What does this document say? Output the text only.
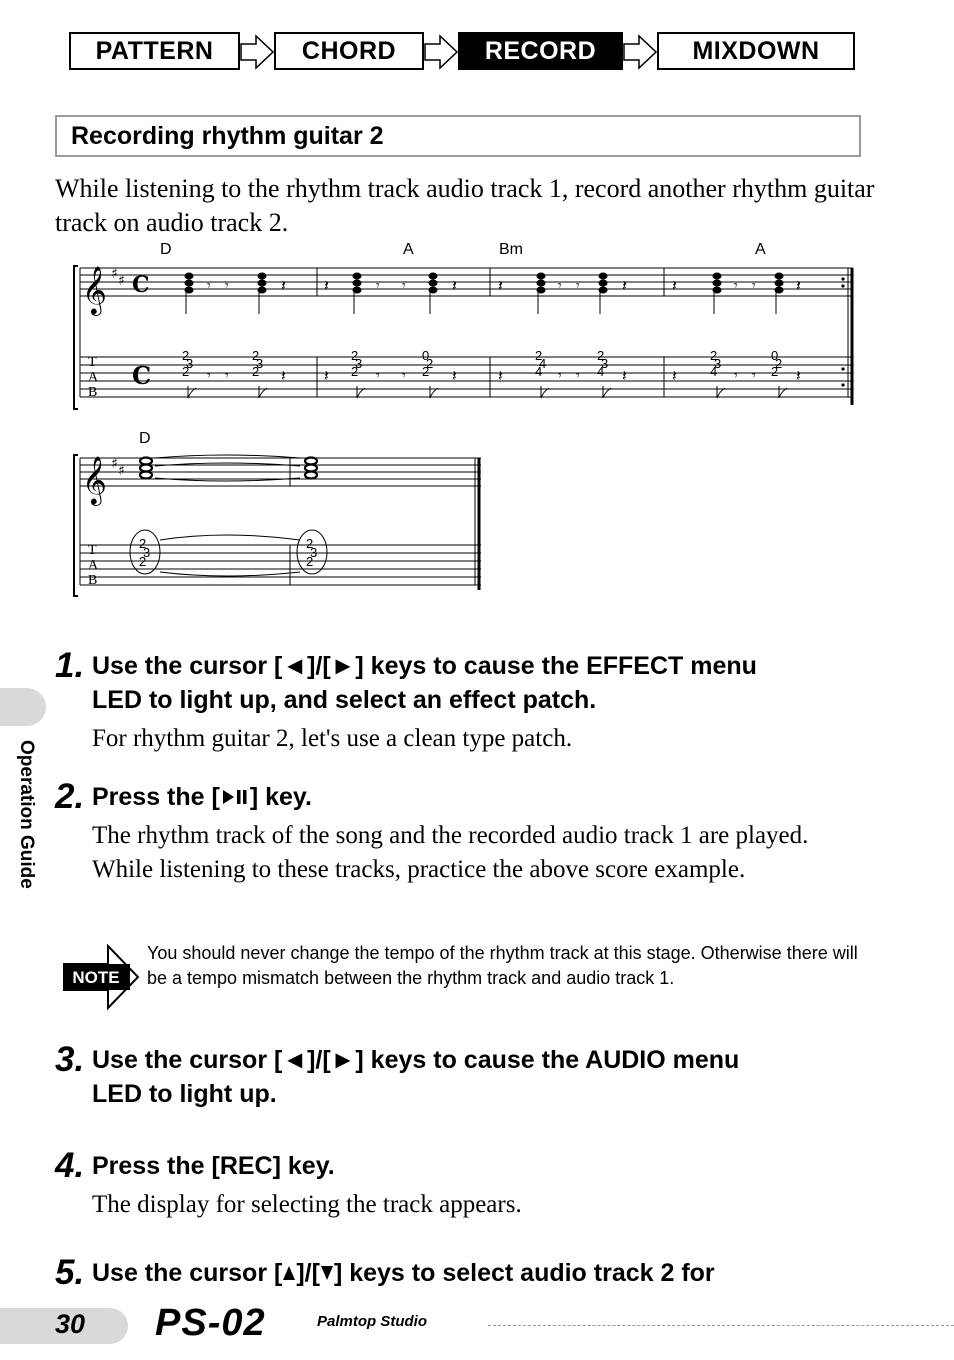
PATTERN	CHORD	RECORD	MIXDOWN
Recording rhythm guitar 2
While listening to the rhythm track audio track 1, record another rhythm guitar track on audio track 2.
D	A	Bm	A
𝄞 ♯ ♯ C
C
𝄾 𝄾	𝄽 𝄽	𝄾 𝄾	𝄽	𝄽	𝄾 𝄾	𝄽	𝄽	𝄾 𝄾	𝄽
𝄾 𝄾	𝄽 𝄽	𝄾 𝄾	𝄽	𝄽	𝄾 𝄾	𝄽	𝄽	𝄾 𝄾	𝄽
𝄞 ♯ ♯
T
A
B
T
A
B
2
3
2
2
3
2
2
3
2
0
2
2
2
4
4
2
3
4
2
3
4
0
2
2
D
2
3
2
2
3
2
1. Use the cursor [◄]/[►] keys to cause the EFFECT menu
LED to light up, and select an effect patch.
For rhythm guitar 2, let's use a clean type patch.
2. Press the [ ] key.
The rhythm track of the song and the recorded audio track 1 are played. While listening to these tracks, practice the above score example.
NOTE
You should never change the tempo of the rhythm track at this stage. Otherwise there will be a tempo mismatch between the rhythm track and audio track 1.
3. Use the cursor [◄]/[►] keys to cause the AUDIO menu
LED to light up.
4. Press the [REC] key.
The display for selecting the track appears.
5. Use the cursor [ ]/[ ] keys to select audio track 2 for
Operation Guide
30 PS-02	Palmtop Studio
